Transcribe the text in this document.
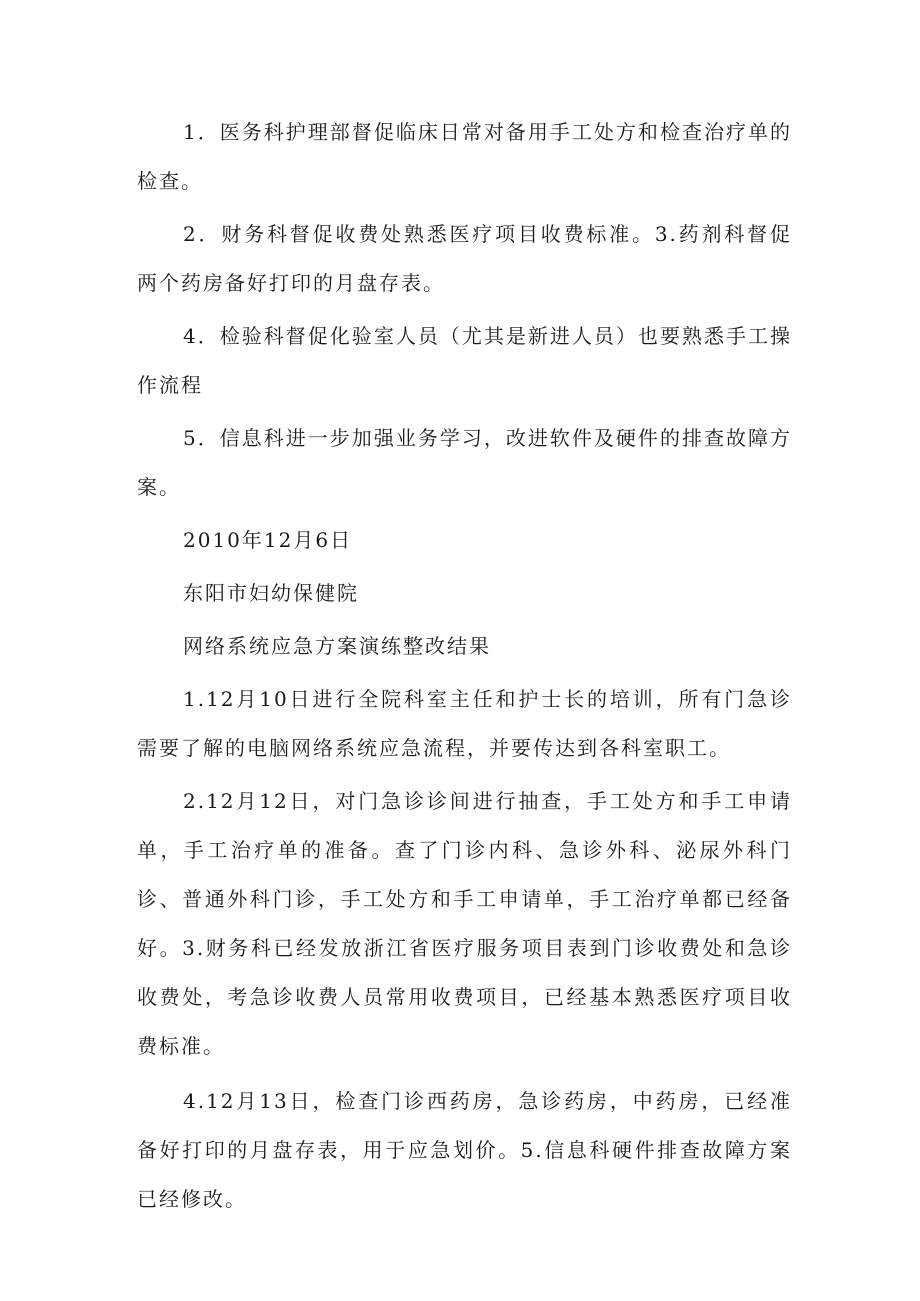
1．医务科护理部督促临床日常对备用手工处方和检查治疗单的检查。

2．财务科督促收费处熟悉医疗项目收费标准。3.药剂科督促两个药房备好打印的月盘存表。

4．检验科督促化验室人员（尤其是新进人员）也要熟悉手工操作流程

5．信息科进一步加强业务学习，改进软件及硬件的排查故障方案。

2010年12月6日

东阳市妇幼保健院

网络系统应急方案演练整改结果

1.12月10日进行全院科室主任和护士长的培训，所有门急诊需要了解的电脑网络系统应急流程，并要传达到各科室职工。

2.12月12日，对门急诊诊间进行抽查，手工处方和手工申请单，手工治疗单的准备。查了门诊内科、急诊外科、泌尿外科门诊、普通外科门诊，手工处方和手工申请单，手工治疗单都已经备好。3.财务科已经发放浙江省医疗服务项目表到门诊收费处和急诊收费处，考急诊收费人员常用收费项目，已经基本熟悉医疗项目收费标准。

4.12月13日，检查门诊西药房，急诊药房，中药房，已经准备好打印的月盘存表，用于应急划价。5.信息科硬件排查故障方案已经修改。
